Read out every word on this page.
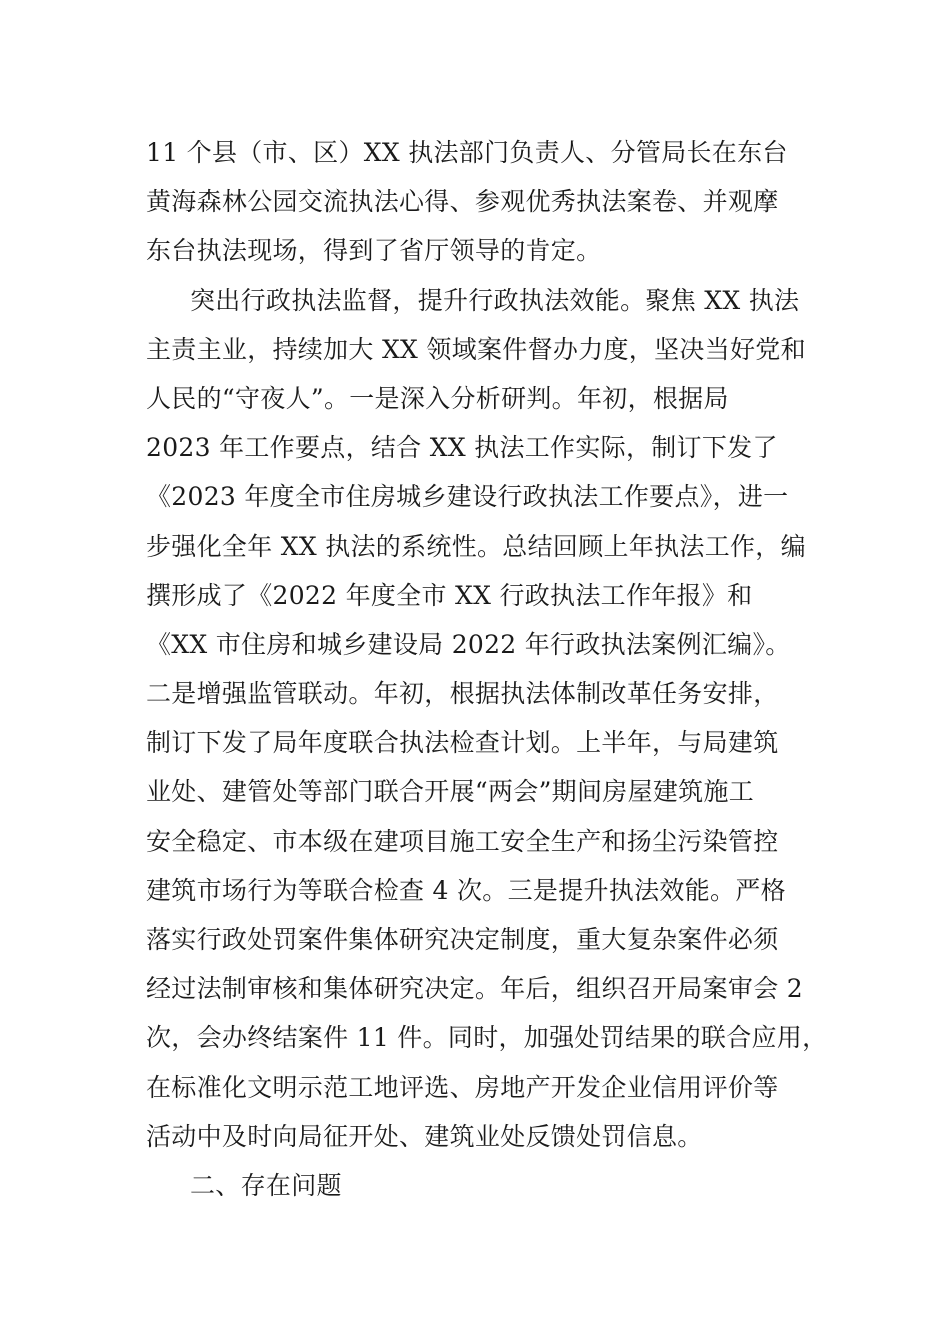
11 个县（市、区）XX 执法部门负责人、分管局长在东台
黄海森林公园交流执法心得、参观优秀执法案卷、并观摩
东台执法现场，得到了省厅领导的肯定。
突出行政执法监督，提升行政执法效能。聚焦 XX 执法
主责主业，持续加大 XX 领域案件督办力度，坚决当好党和
人民的“守夜人”。一是深入分析研判。年初，根据局
2023 年工作要点，结合 XX 执法工作实际，制订下发了
《2023 年度全市住房城乡建设行政执法工作要点》，进一
步强化全年 XX 执法的系统性。总结回顾上年执法工作，编
撰形成了《2022 年度全市 XX 行政执法工作年报》和
《XX 市住房和城乡建设局 2022 年行政执法案例汇编》。
二是增强监管联动。年初，根据执法体制改革任务安排，
制订下发了局年度联合执法检查计划。上半年，与局建筑
业处、建管处等部门联合开展“两会”期间房屋建筑施工
安全稳定、市本级在建项目施工安全生产和扬尘污染管控
建筑市场行为等联合检查 4 次。三是提升执法效能。严格
落实行政处罚案件集体研究决定制度，重大复杂案件必须
经过法制审核和集体研究决定。年后，组织召开局案审会 2
次，会办终结案件 11 件。同时，加强处罚结果的联合应用，
在标准化文明示范工地评选、房地产开发企业信用评价等
活动中及时向局征开处、建筑业处反馈处罚信息。
二、存在问题
